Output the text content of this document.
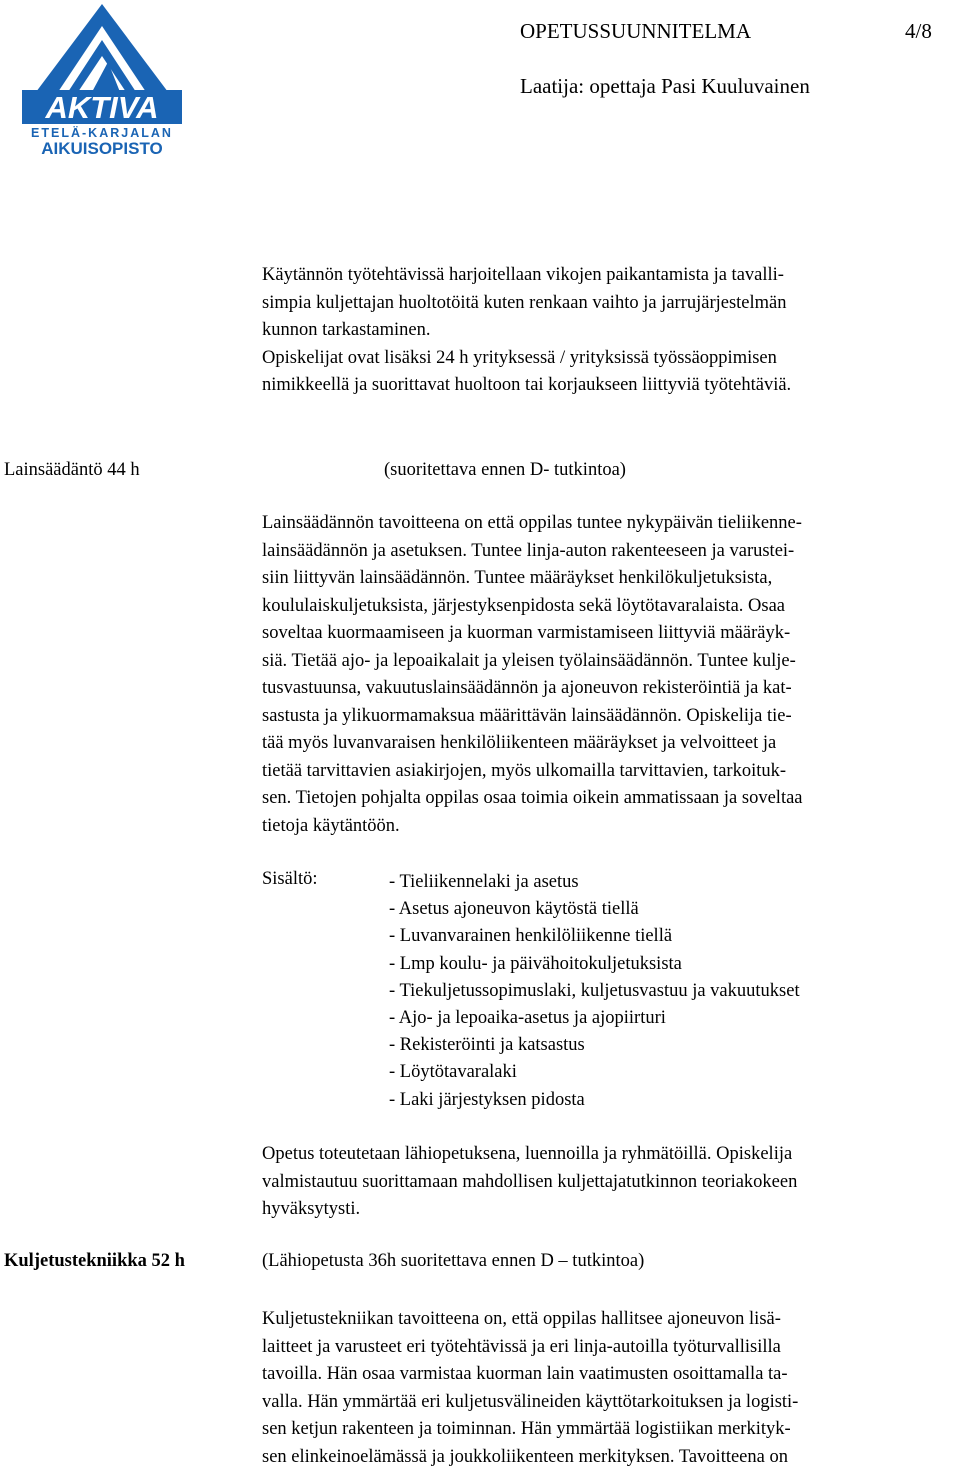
AKTIVA
ETELÄ-KARJALAN
AIKUISOPISTO
OPETUSSUUNNITELMA	4/8
Laatija: opettaja Pasi Kuuluvainen
Käytännön työtehtävissä harjoitellaan vikojen paikantamista ja tavalli-
simpia kuljettajan huoltotöitä kuten renkaan vaihto ja jarrujärjestelmän
kunnon tarkastaminen.
Opiskelijat ovat lisäksi 24 h yrityksessä / yrityksissä työssäoppimisen
nimikkeellä ja suorittavat huoltoon tai korjaukseen liittyviä työtehtäviä.
Lainsäädäntö 44 h	(suoritettava ennen D- tutkintoa)
Lainsäädännön tavoitteena on että oppilas tuntee nykypäivän tieliikenne-
lainsäädännön ja asetuksen. Tuntee linja-auton rakenteeseen ja varustei-
siin liittyvän lainsäädännön. Tuntee määräykset henkilökuljetuksista,
koululaiskuljetuksista, järjestyksenpidosta sekä löytötavaralaista. Osaa
soveltaa kuormaamiseen ja kuorman varmistamiseen liittyviä määräyk-
siä. Tietää ajo- ja lepoaikalait ja yleisen työlainsäädännön. Tuntee kulje-
tusvastuunsa, vakuutuslainsäädännön ja ajoneuvon rekisteröintiä ja kat-
sastusta ja ylikuormamaksua määrittävän lainsäädännön. Opiskelija tie-
tää myös luvanvaraisen henkilöliikenteen määräykset ja velvoitteet ja
tietää tarvittavien asiakirjojen, myös ulkomailla tarvittavien, tarkoituk-
sen. Tietojen pohjalta oppilas osaa toimia oikein ammatissaan ja soveltaa
tietoja käytäntöön.
Sisältö:	- Tieliikennelaki ja asetus
- Asetus ajoneuvon käytöstä tiellä
- Luvanvarainen henkilöliikenne tiellä
- Lmp koulu- ja päivähoitokuljetuksista
- Tiekuljetussopimuslaki, kuljetusvastuu ja vakuutukset
- Ajo- ja lepoaika-asetus ja ajopiirturi
- Rekisteröinti ja katsastus
- Löytötavaralaki
- Laki järjestyksen pidosta
Opetus toteutetaan lähiopetuksena, luennoilla ja ryhmätöillä. Opiskelija
valmistautuu suorittamaan mahdollisen kuljettajatutkinnon teoriakokeen
hyväksytysti.
Kuljetustekniikka 52 h	(Lähiopetusta 36h suoritettava ennen D – tutkintoa)
Kuljetustekniikan tavoitteena on, että oppilas hallitsee ajoneuvon lisä-
laitteet ja varusteet eri työtehtävissä ja eri linja-autoilla työturvallisilla
tavoilla. Hän osaa varmistaa kuorman lain vaatimusten osoittamalla ta-
valla. Hän ymmärtää eri kuljetusvälineiden käyttötarkoituksen ja logisti-
sen ketjun rakenteen ja toiminnan. Hän ymmärtää logistiikan merkityk-
sen elinkeinoelämässä ja joukkoliikenteen merkityksen. Tavoitteena on
